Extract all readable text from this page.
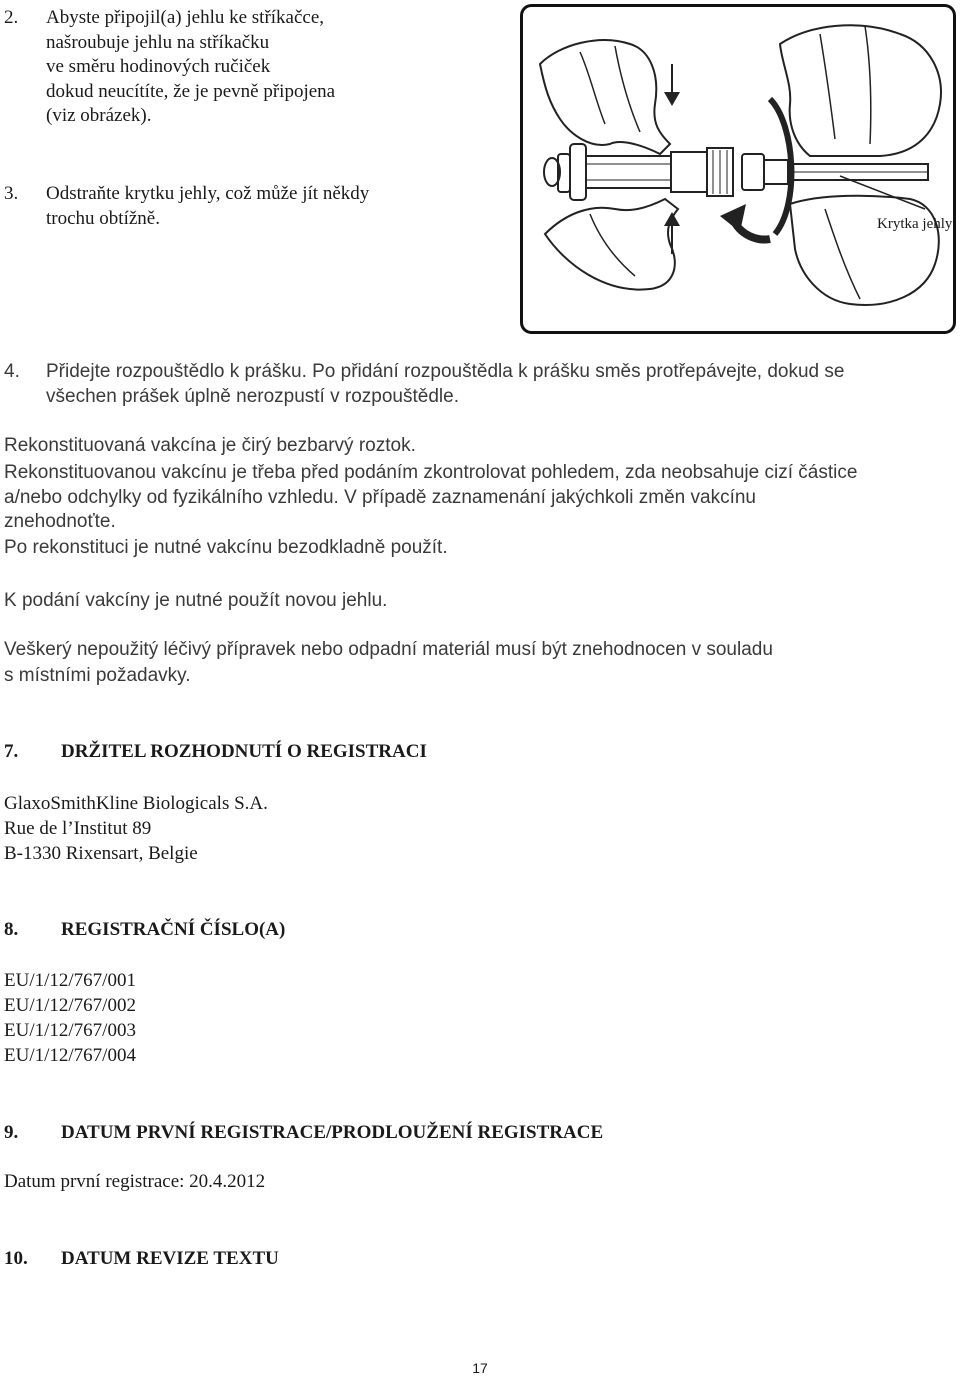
2. Abyste připojil(a) jehlu ke stříkačce,
našroubuje jehlu na stříkačku
ve směru hodinových ručiček
dokud neucítíte, že je pevně připojena
(viz obrázek).
3. Odstraňte krytku jehly, což může jít někdy
trochu obtížně.	Krytka jehly
4. Přidejte rozpouštědlo k prášku. Po přidání rozpouštědla k prášku směs protřepávejte, dokud se
všechen prášek úplně nerozpustí v rozpouštědle.
Rekonstituovaná vakcína je čirý bezbarvý roztok.
Rekonstituovanou vakcínu je třeba před podáním zkontrolovat pohledem, zda neobsahuje cizí částice
a/nebo odchylky od fyzikálního vzhledu. V případě zaznamenání jakýchkoli změn vakcínu
znehodnoťte.
Po rekonstituci je nutné vakcínu bezodkladně použít.
K podání vakcíny je nutné použít novou jehlu.
Veškerý nepoužitý léčivý přípravek nebo odpadní materiál musí být znehodnocen v souladu
s místními požadavky.
7. DRŽITEL ROZHODNUTÍ O REGISTRACI
GlaxoSmithKline Biologicals S.A.
Rue de l’Institut 89
B-1330 Rixensart, Belgie
8. REGISTRAČNÍ ČÍSLO(A)
EU/1/12/767/001
EU/1/12/767/002
EU/1/12/767/003
EU/1/12/767/004
9. DATUM PRVNÍ REGISTRACE/PRODLOUŽENÍ REGISTRACE
Datum první registrace: 20.4.2012
10. DATUM REVIZE TEXTU
17
